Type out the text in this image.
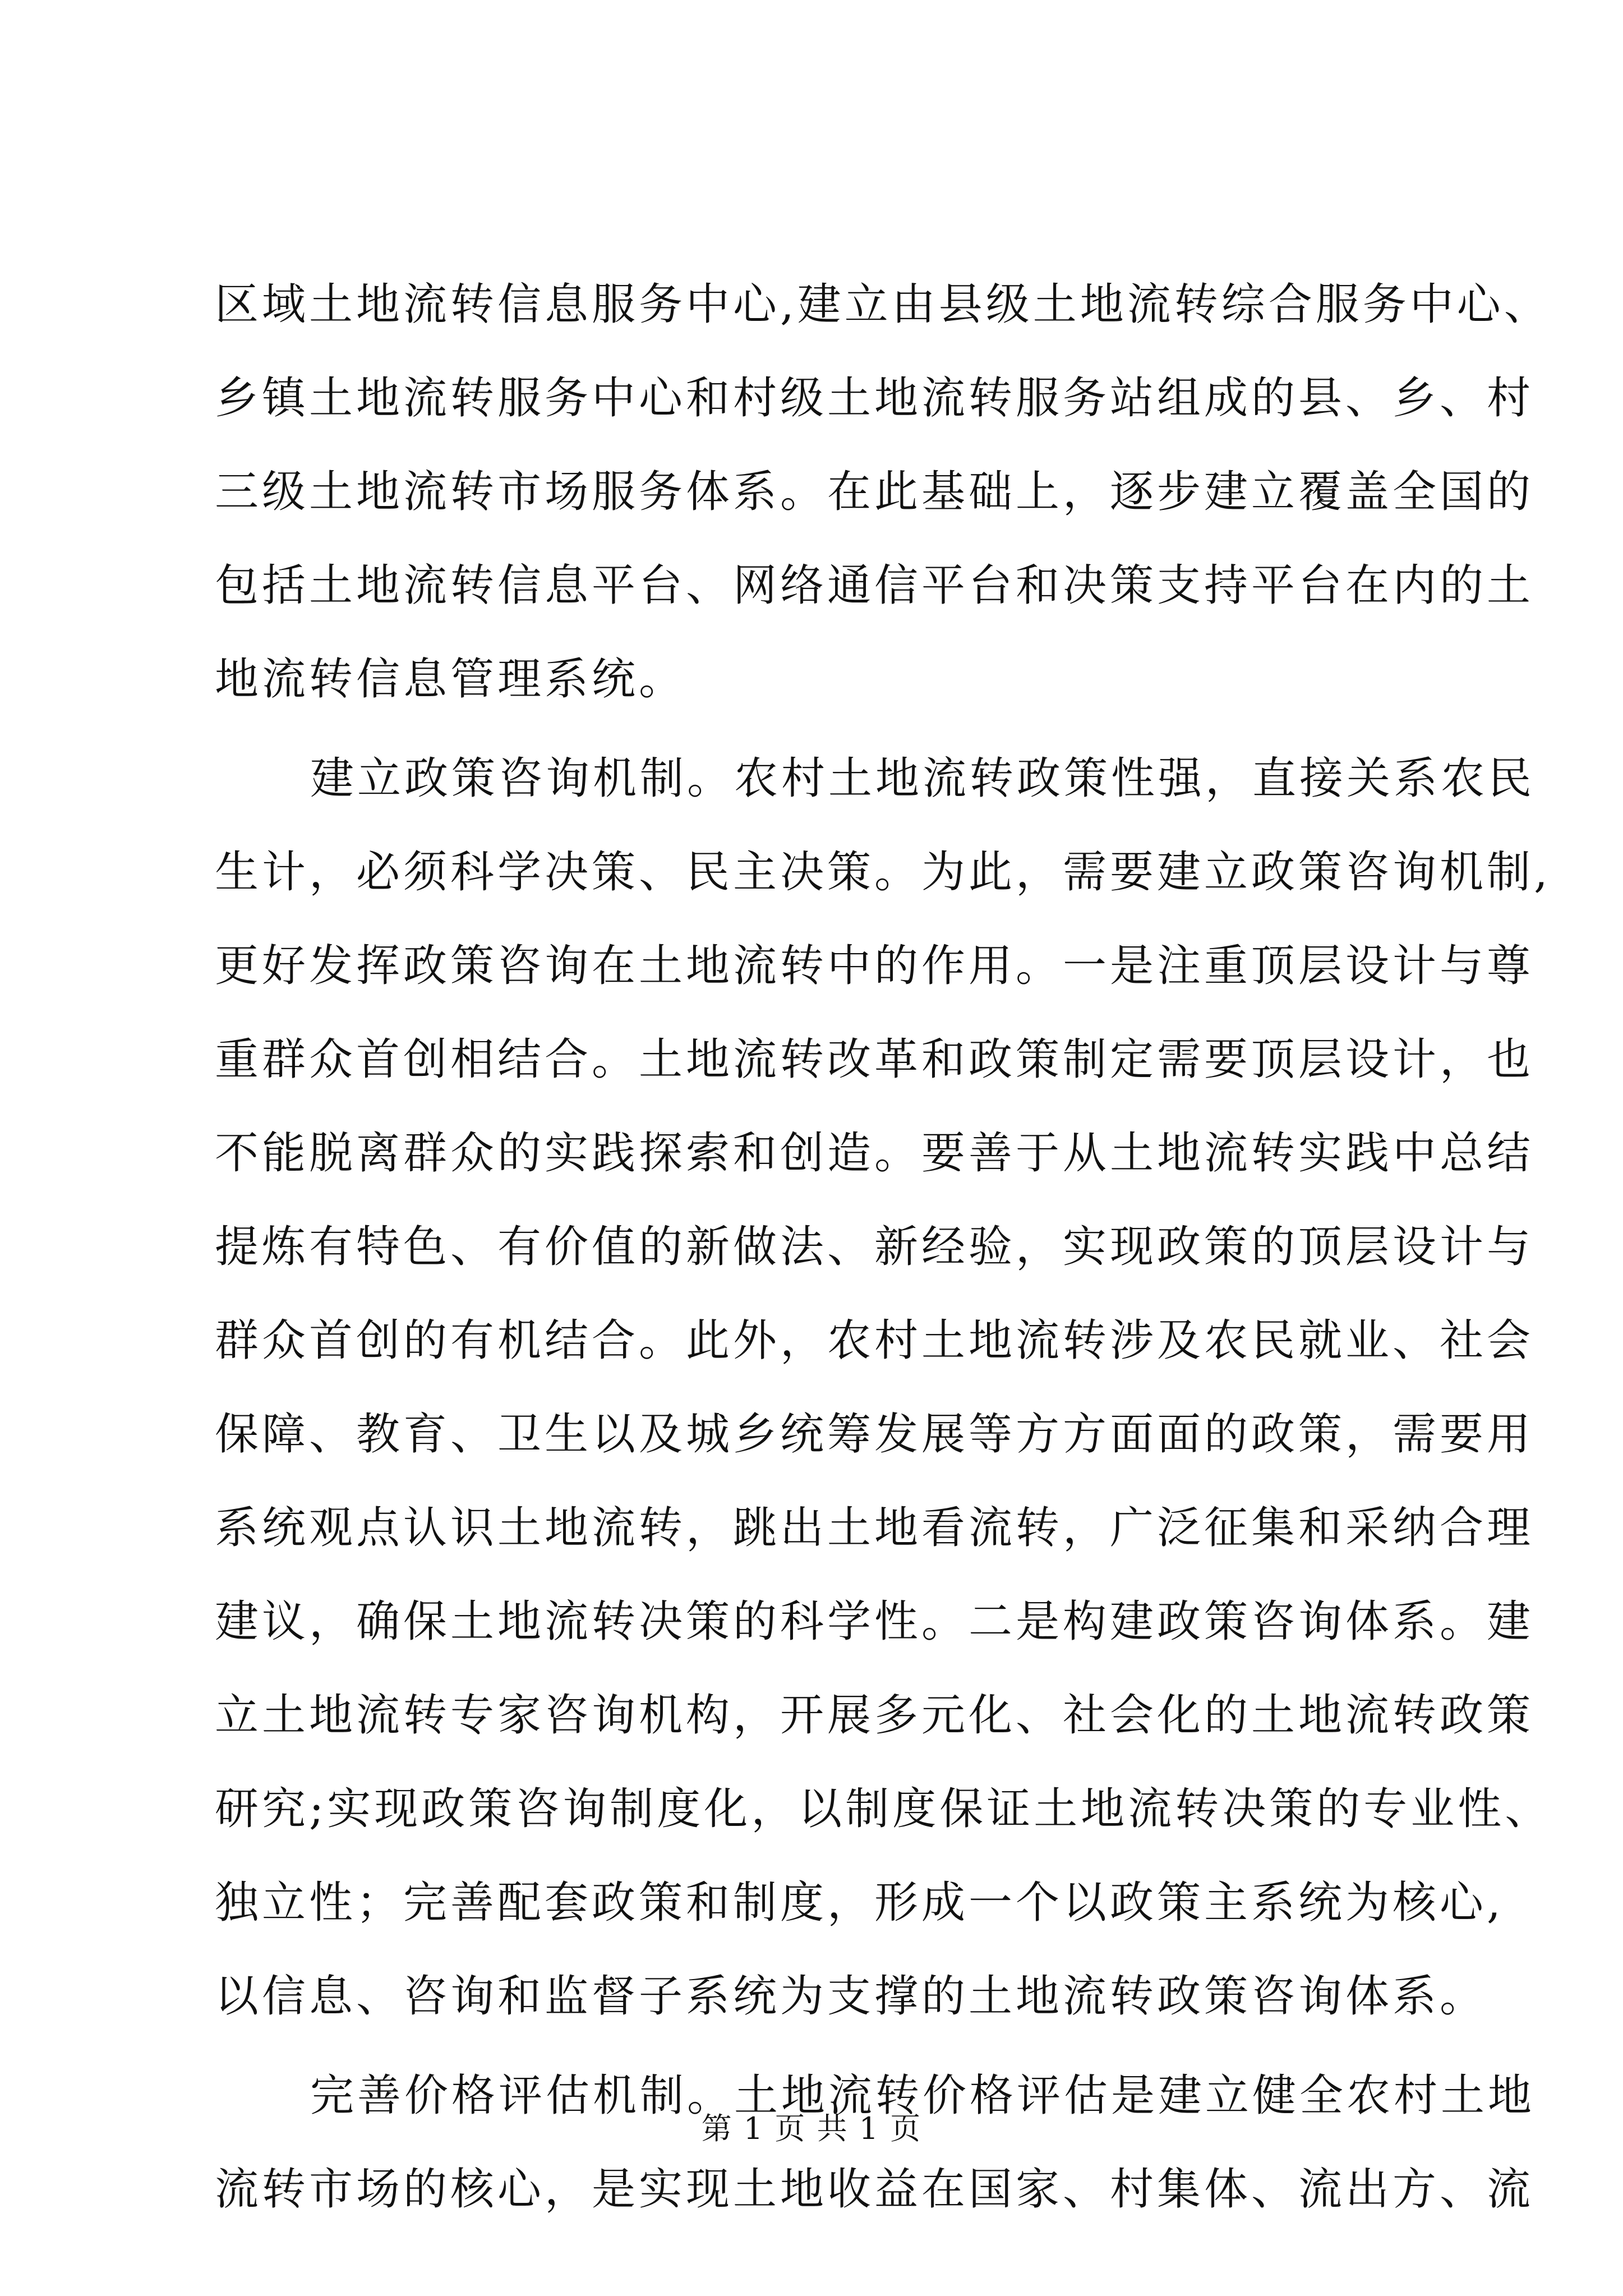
区域土地流转信息服务中心,建立由县级土地流转综合服务中心、
乡镇土地流转服务中心和村级土地流转服务站组成的县、乡、村
三级土地流转市场服务体系。在此基础上，逐步建立覆盖全国的
包括土地流转信息平台、网络通信平台和决策支持平台在内的土
地流转信息管理系统。
建立政策咨询机制。农村土地流转政策性强，直接关系农民
生计，必须科学决策、民主决策。为此，需要建立政策咨询机制,
更好发挥政策咨询在土地流转中的作用。一是注重顶层设计与尊
重群众首创相结合。土地流转改革和政策制定需要顶层设计，也
不能脱离群众的实践探索和创造。要善于从土地流转实践中总结
提炼有特色、有价值的新做法、新经验，实现政策的顶层设计与
群众首创的有机结合。此外，农村土地流转涉及农民就业、社会
保障、教育、卫生以及城乡统筹发展等方方面面的政策，需要用
系统观点认识土地流转，跳出土地看流转，广泛征集和采纳合理
建议，确保土地流转决策的科学性。二是构建政策咨询体系。建
立土地流转专家咨询机构，开展多元化、社会化的土地流转政策
研究;实现政策咨询制度化，以制度保证土地流转决策的专业性、
独立性；完善配套政策和制度，形成一个以政策主系统为核心,
以信息、咨询和监督子系统为支撑的土地流转政策咨询体系。
完善价格评估机制。土地流转价格评估是建立健全农村土地
流转市场的核心，是实现土地收益在国家、村集体、流出方、流
第 1 页 共 1 页
